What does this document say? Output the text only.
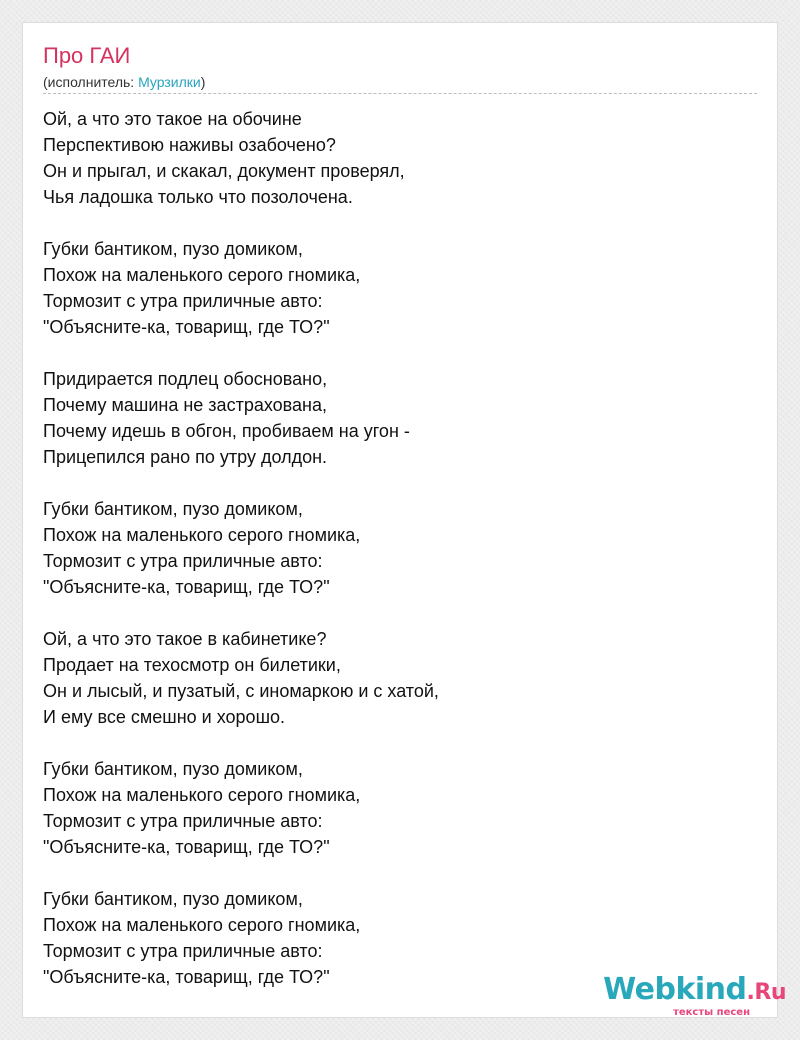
Про ГАИ
(исполнитель: Мурзилки)
Ой, а что это такое на обочине
Перспективою наживы озабочено?
Он и прыгал, и скакал, документ проверял,
Чья ладошка только что позолочена.
Губки бантиком, пузо домиком,
Похож на маленького серого гномика,
Тормозит с утра приличные авто:
"Объясните-ка, товарищ, где ТО?"
Придирается подлец обосновано,
Почему машина не застрахована,
Почему идешь в обгон, пробиваем на угон -
Прицепился рано по утру долдон.
Губки бантиком, пузо домиком,
Похож на маленького серого гномика,
Тормозит с утра приличные авто:
"Объясните-ка, товарищ, где ТО?"
Ой, а что это такое в кабинетике?
Продает на техосмотр он билетики,
Он и лысый, и пузатый, с иномаркою и с хатой,
И ему все смешно и хорошо.
Губки бантиком, пузо домиком,
Похож на маленького серого гномика,
Тормозит с утра приличные авто:
"Объясните-ка, товарищ, где ТО?"
Губки бантиком, пузо домиком,
Похож на маленького серого гномика,
Тормозит с утра приличные авто:
"Объясните-ка, товарищ, где ТО?"	Webkind.Ru
тексты песен
